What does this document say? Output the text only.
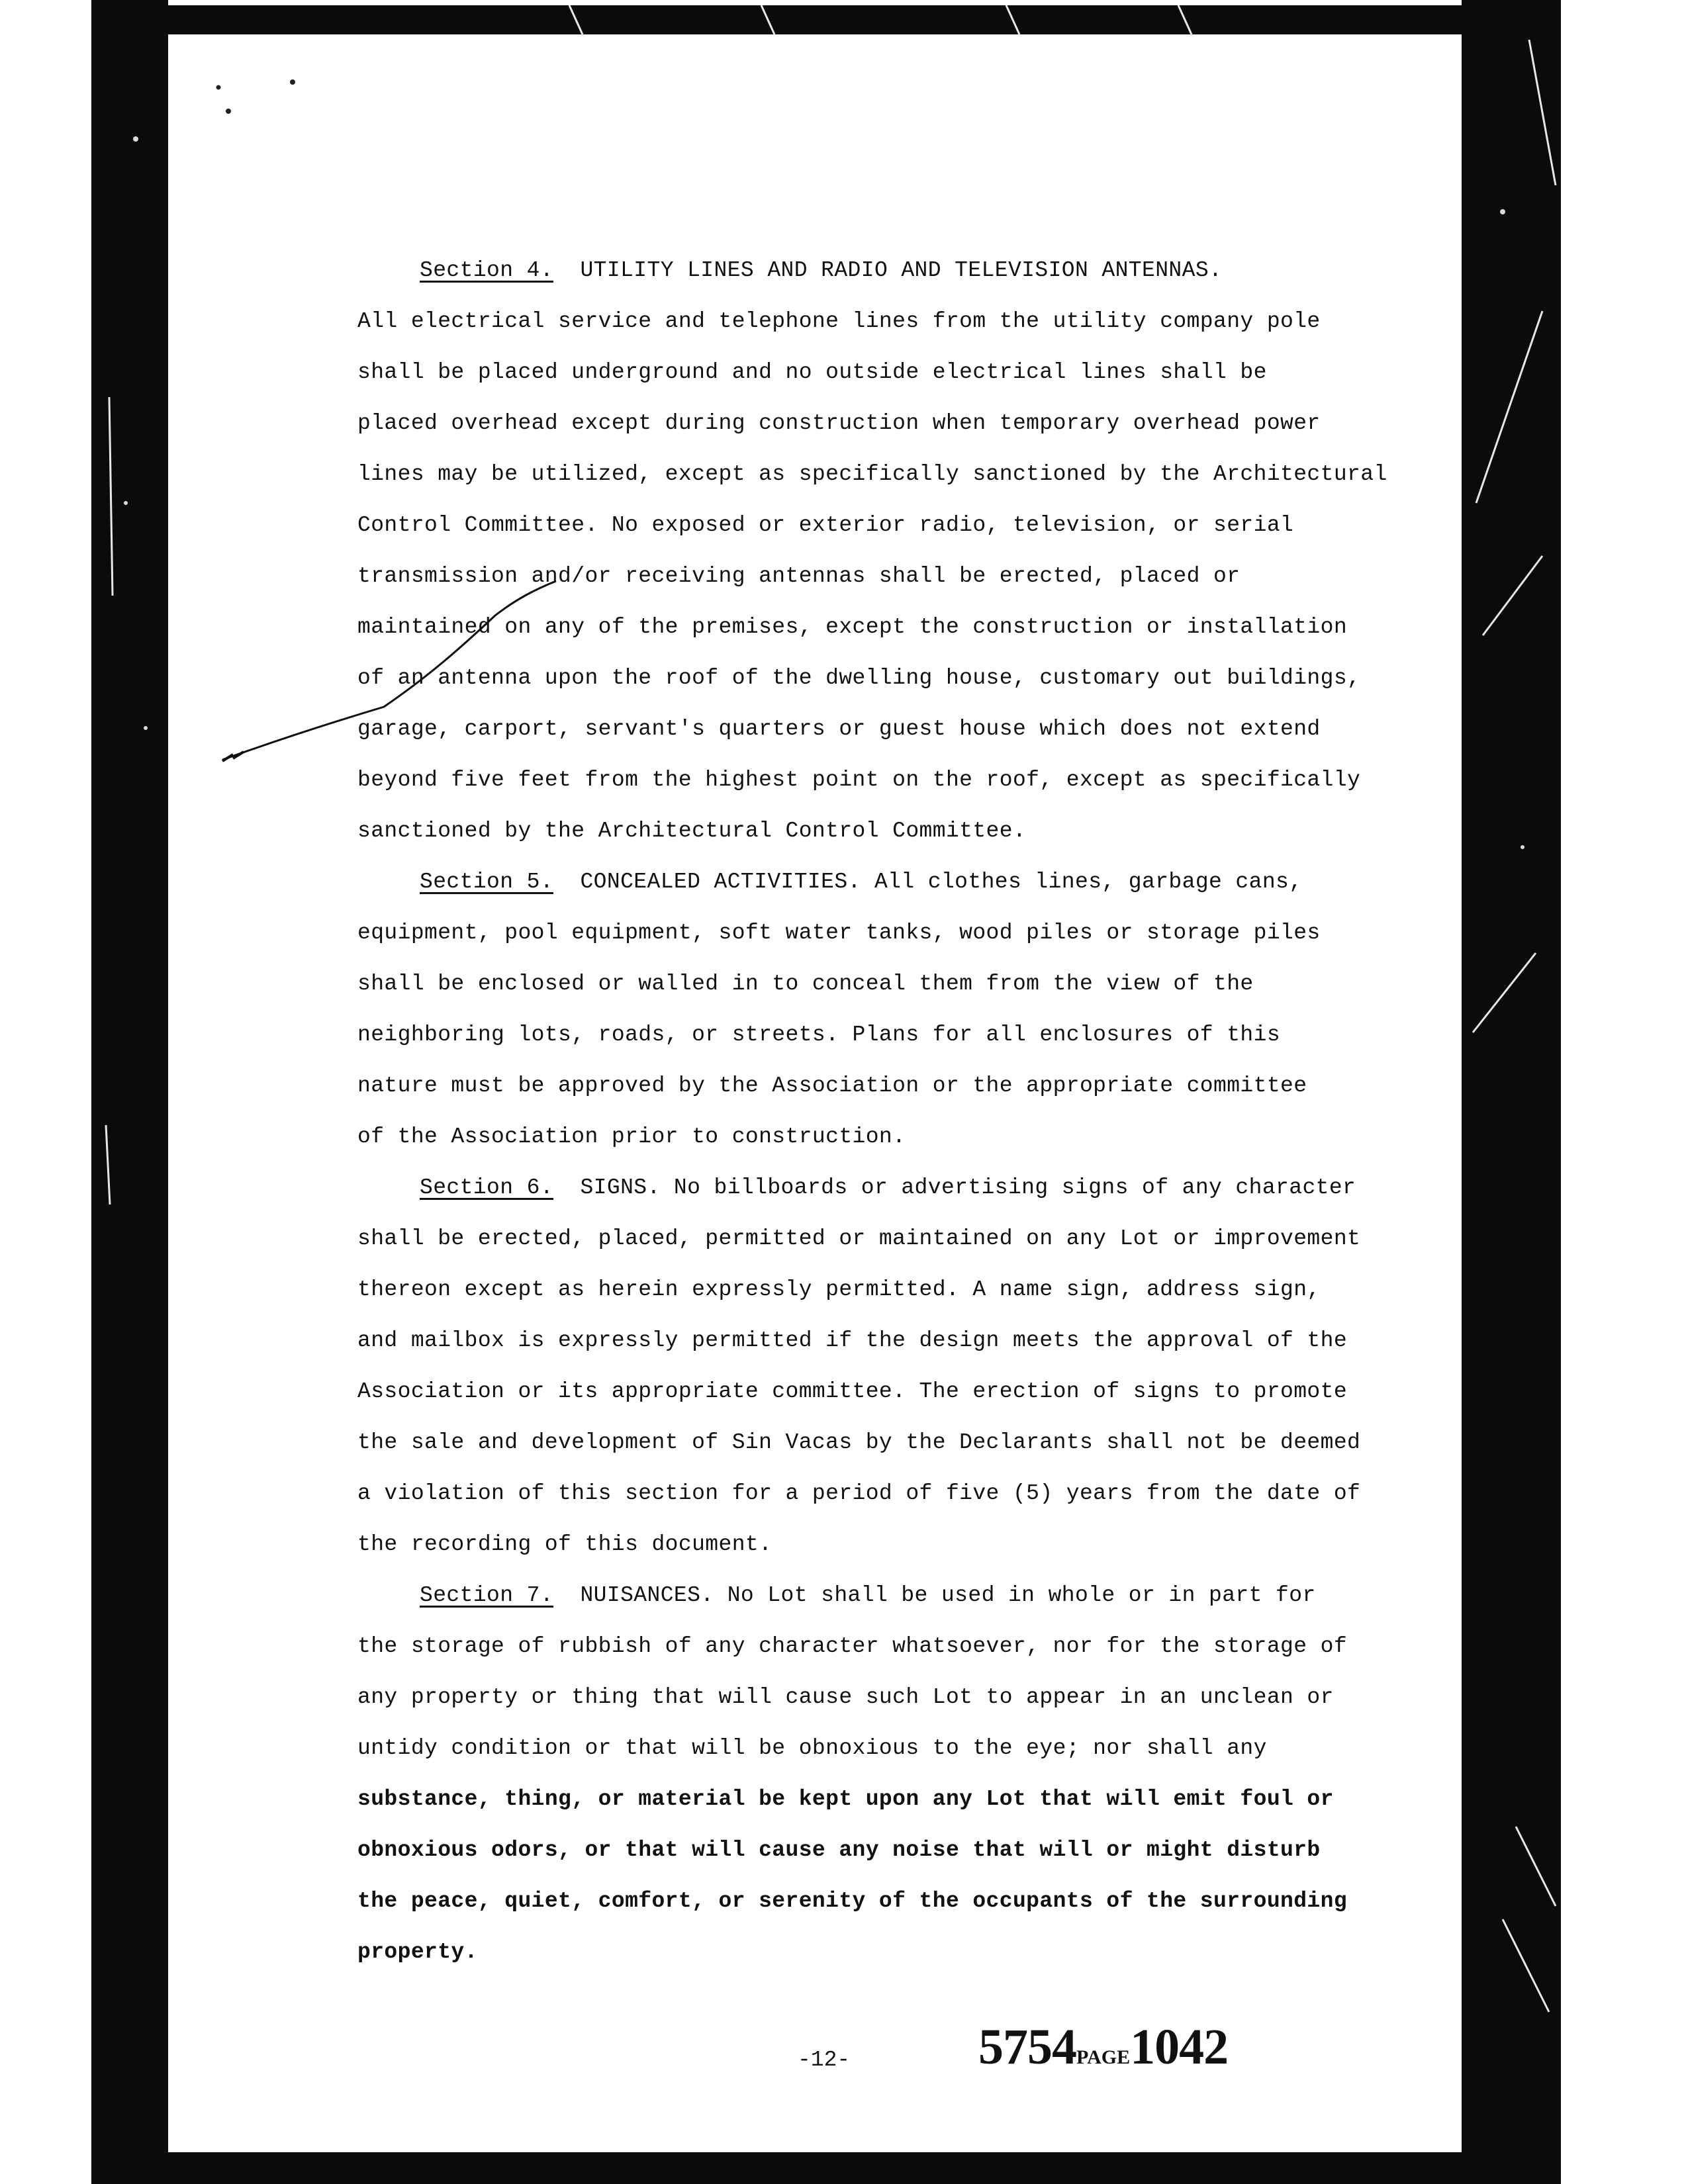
Section 4. UTILITY LINES AND RADIO AND TELEVISION ANTENNAS.
All electrical service and telephone lines from the utility company pole
shall be placed underground and no outside electrical lines shall be
placed overhead except during construction when temporary overhead power
lines may be utilized, except as specifically sanctioned by the Architectural
Control Committee. No exposed or exterior radio, television, or serial
transmission and/or receiving antennas shall be erected, placed or
maintained on any of the premises, except the construction or installation
of an antenna upon the roof of the dwelling house, customary out buildings,
garage, carport, servant's quarters or guest house which does not extend
beyond five feet from the highest point on the roof, except as specifically
sanctioned by the Architectural Control Committee.
Section 5. CONCEALED ACTIVITIES. All clothes lines, garbage cans,
equipment, pool equipment, soft water tanks, wood piles or storage piles
shall be enclosed or walled in to conceal them from the view of the
neighboring lots, roads, or streets. Plans for all enclosures of this
nature must be approved by the Association or the appropriate committee
of the Association prior to construction.
Section 6. SIGNS. No billboards or advertising signs of any character
shall be erected, placed, permitted or maintained on any Lot or improvement
thereon except as herein expressly permitted. A name sign, address sign,
and mailbox is expressly permitted if the design meets the approval of the
Association or its appropriate committee. The erection of signs to promote
the sale and development of Sin Vacas by the Declarants shall not be deemed
a violation of this section for a period of five (5) years from the date of
the recording of this document.
Section 7. NUISANCES. No Lot shall be used in whole or in part for
the storage of rubbish of any character whatsoever, nor for the storage of
any property or thing that will cause such Lot to appear in an unclean or
untidy condition or that will be obnoxious to the eye; nor shall any
substance, thing, or material be kept upon any Lot that will emit foul or
obnoxious odors, or that will cause any noise that will or might disturb
the peace, quiet, comfort, or serenity of the occupants of the surrounding
property.
-12-	5754PAGE1042
